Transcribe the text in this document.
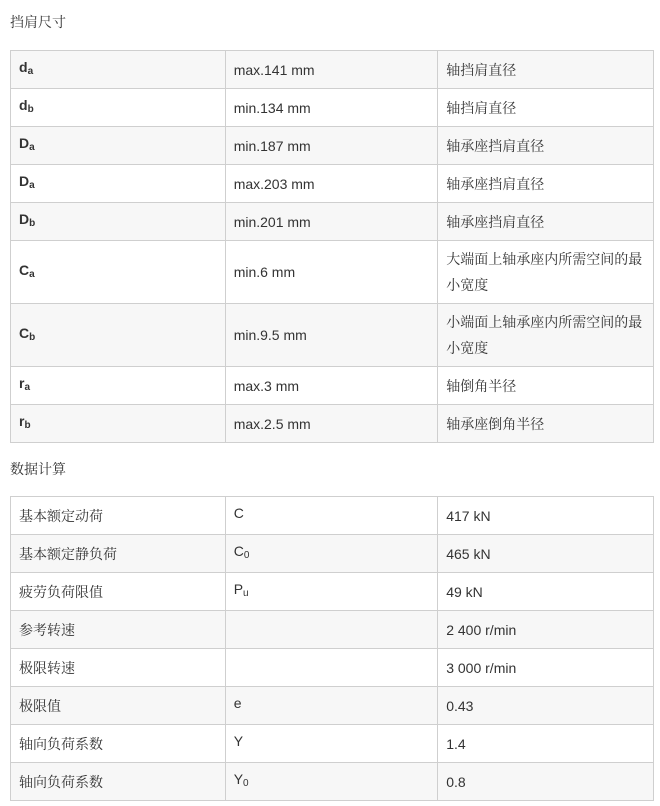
挡肩尺寸
$d_a$	max.141 mm	轴挡肩直径
$d_b$	min.134 mm	轴挡肩直径
$D_a$	min.187 mm	轴承座挡肩直径
$D_a$	max.203 mm	轴承座挡肩直径
$D_b$	min.201 mm	轴承座挡肩直径
$C_a$	min.6 mm	大端面上轴承座内所需空间的最小宽度
$C_b$	min.9.5 mm	小端面上轴承座内所需空间的最小宽度
$r_a$	max.3 mm	轴倒角半径
$r_b$	max.2.5 mm	轴承座倒角半径
数据计算
基本额定动荷	C	417 kN
基本额定静负荷	C0	465 kN
疲劳负荷限值	Pu	49 kN
参考转速		2 400 r/min
极限转速		3 000 r/min
极限值	e	0.43
轴向负荷系数	Y	1.4
轴向负荷系数	Y0	0.8
